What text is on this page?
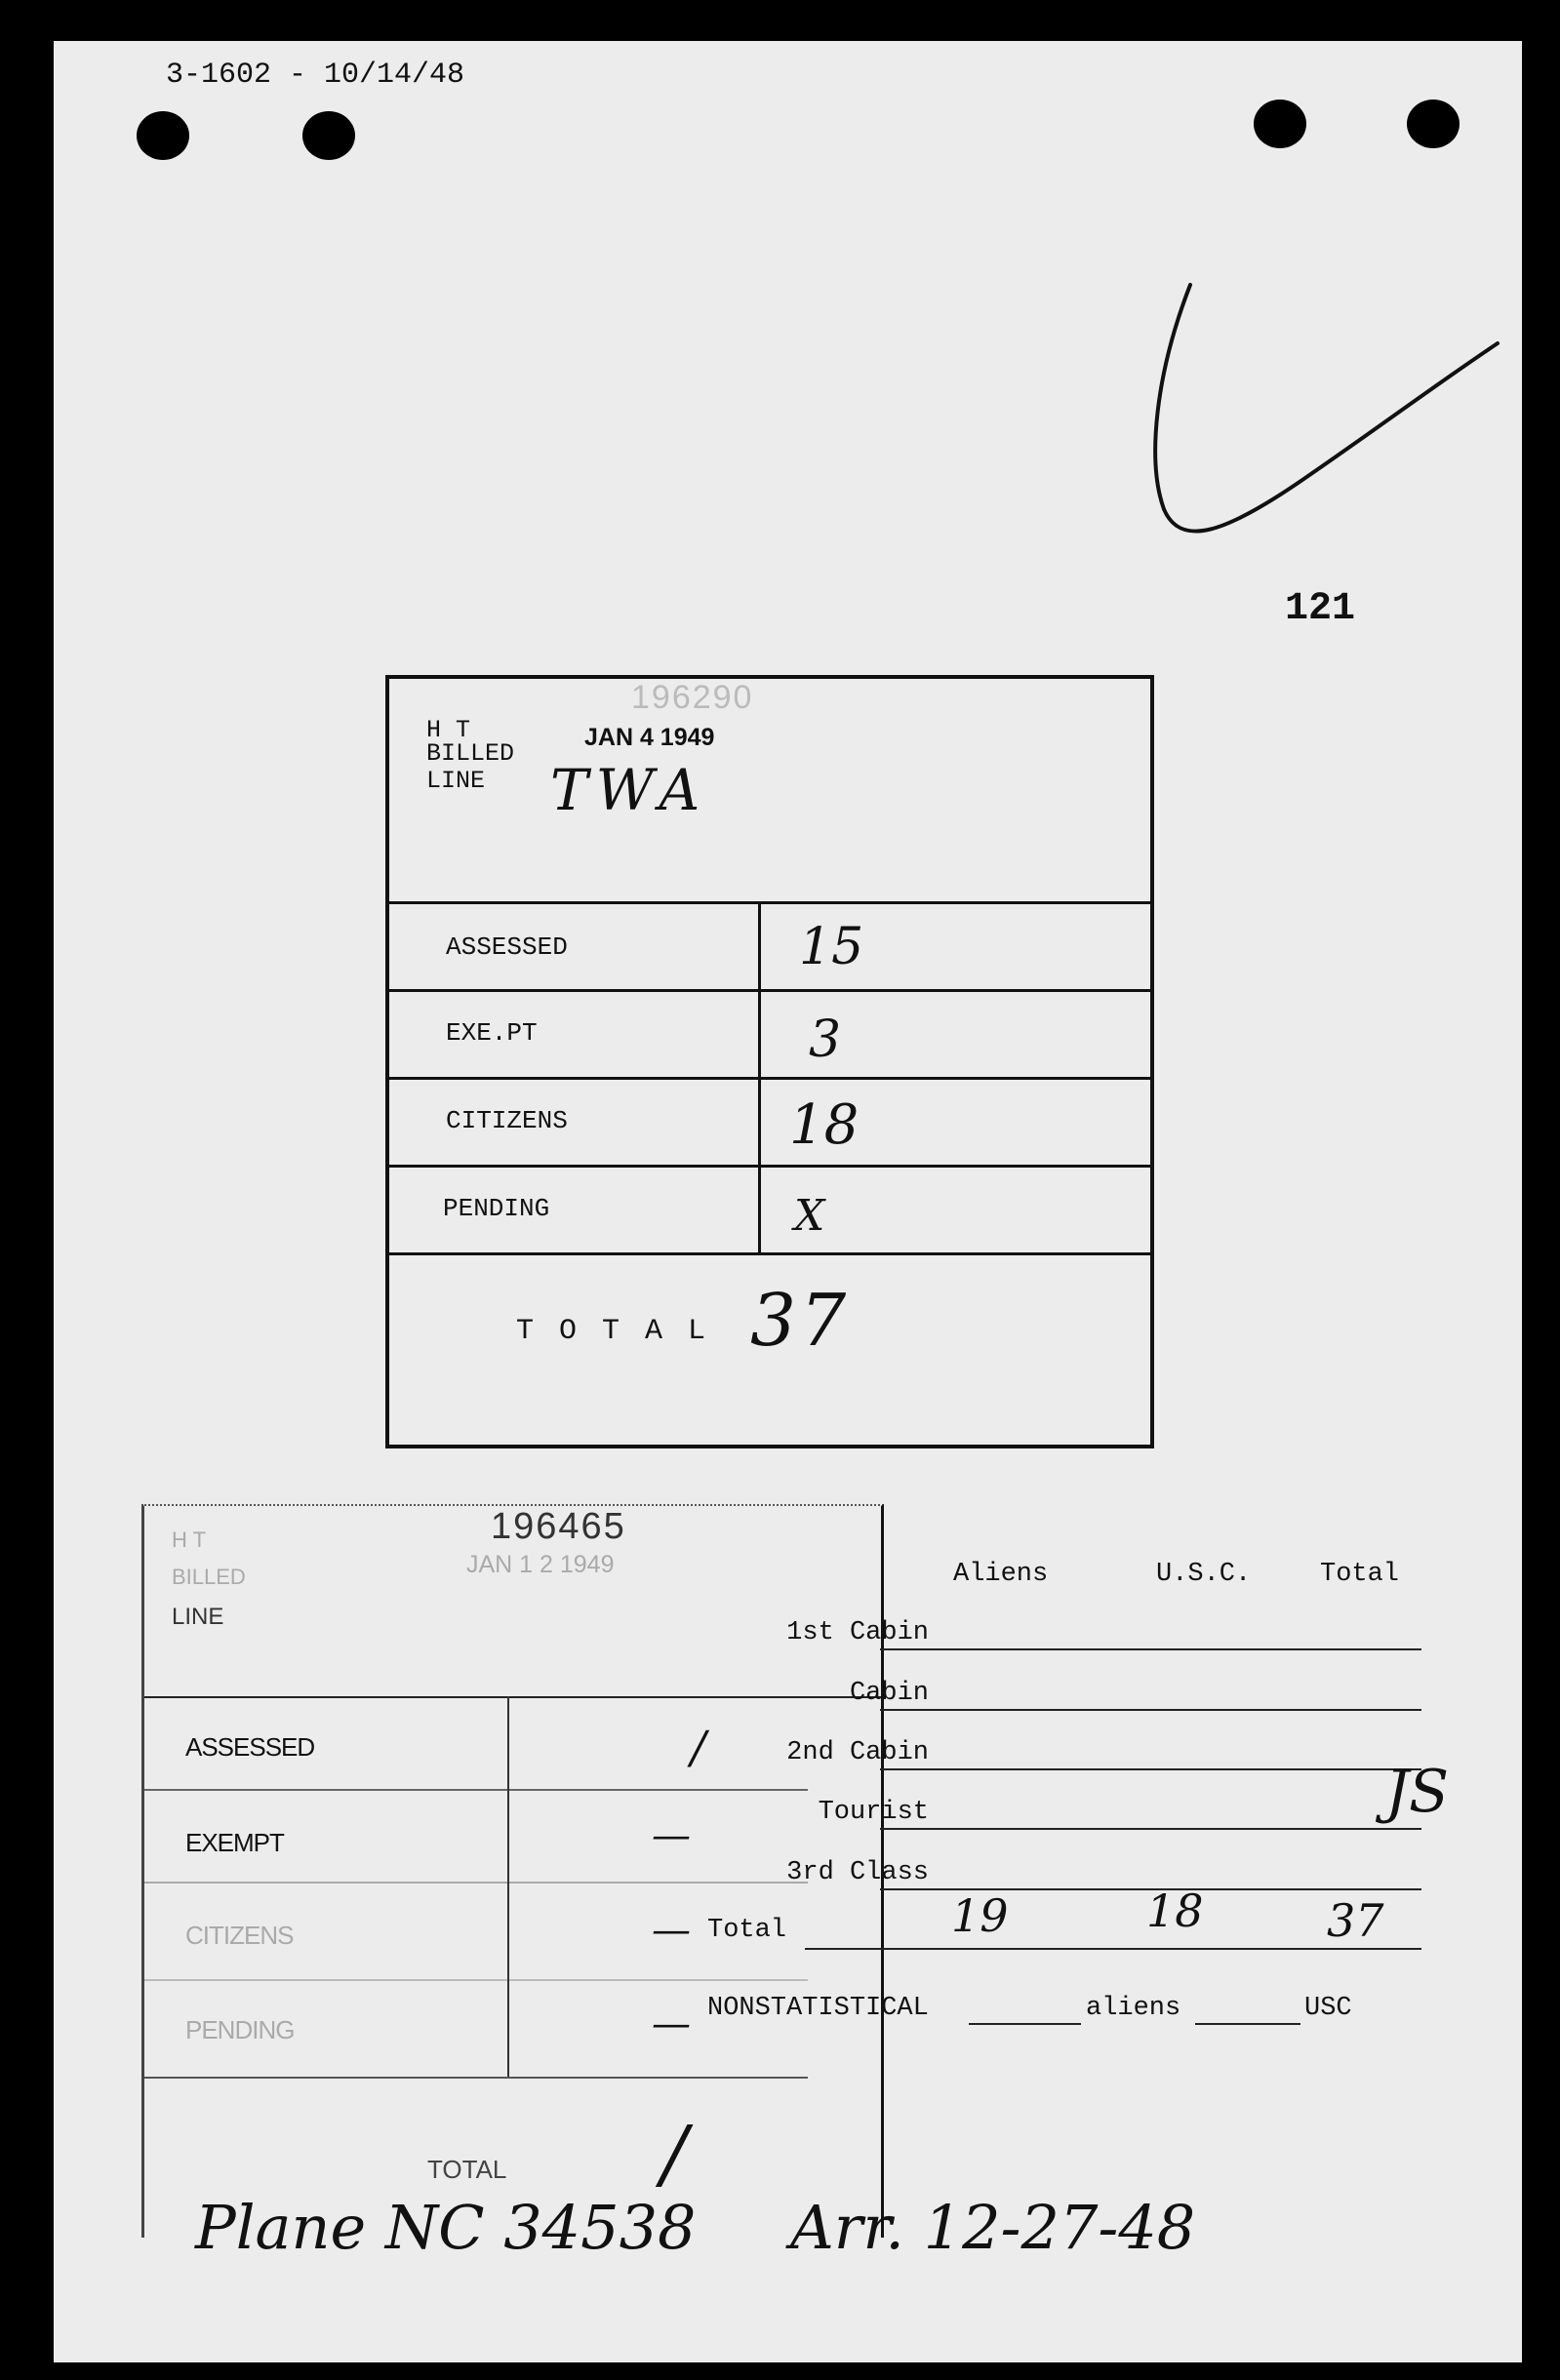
3-1602 - 10/14/48
121
H T
BILLED
LINE
196290
JAN 4 1949
TWA
ASSESSED	15
EXE.PT	3
CITIZENS	18
PENDING	X
T O T A L 37
H T
BILLED
LINE
196465
JAN 1 2 1949
ASSESSED	/
EXEMPT	—
CITIZENS	—
PENDING	—
TOTAL /
Aliens	U.S.C.	Total
1st Cabin
Cabin
2nd Cabin
Tourist
3rd Class
Total	19	18	37
JS
NONSTATISTICAL	aliens	USC
Plane NC 34538 Arr. 12-27-48
